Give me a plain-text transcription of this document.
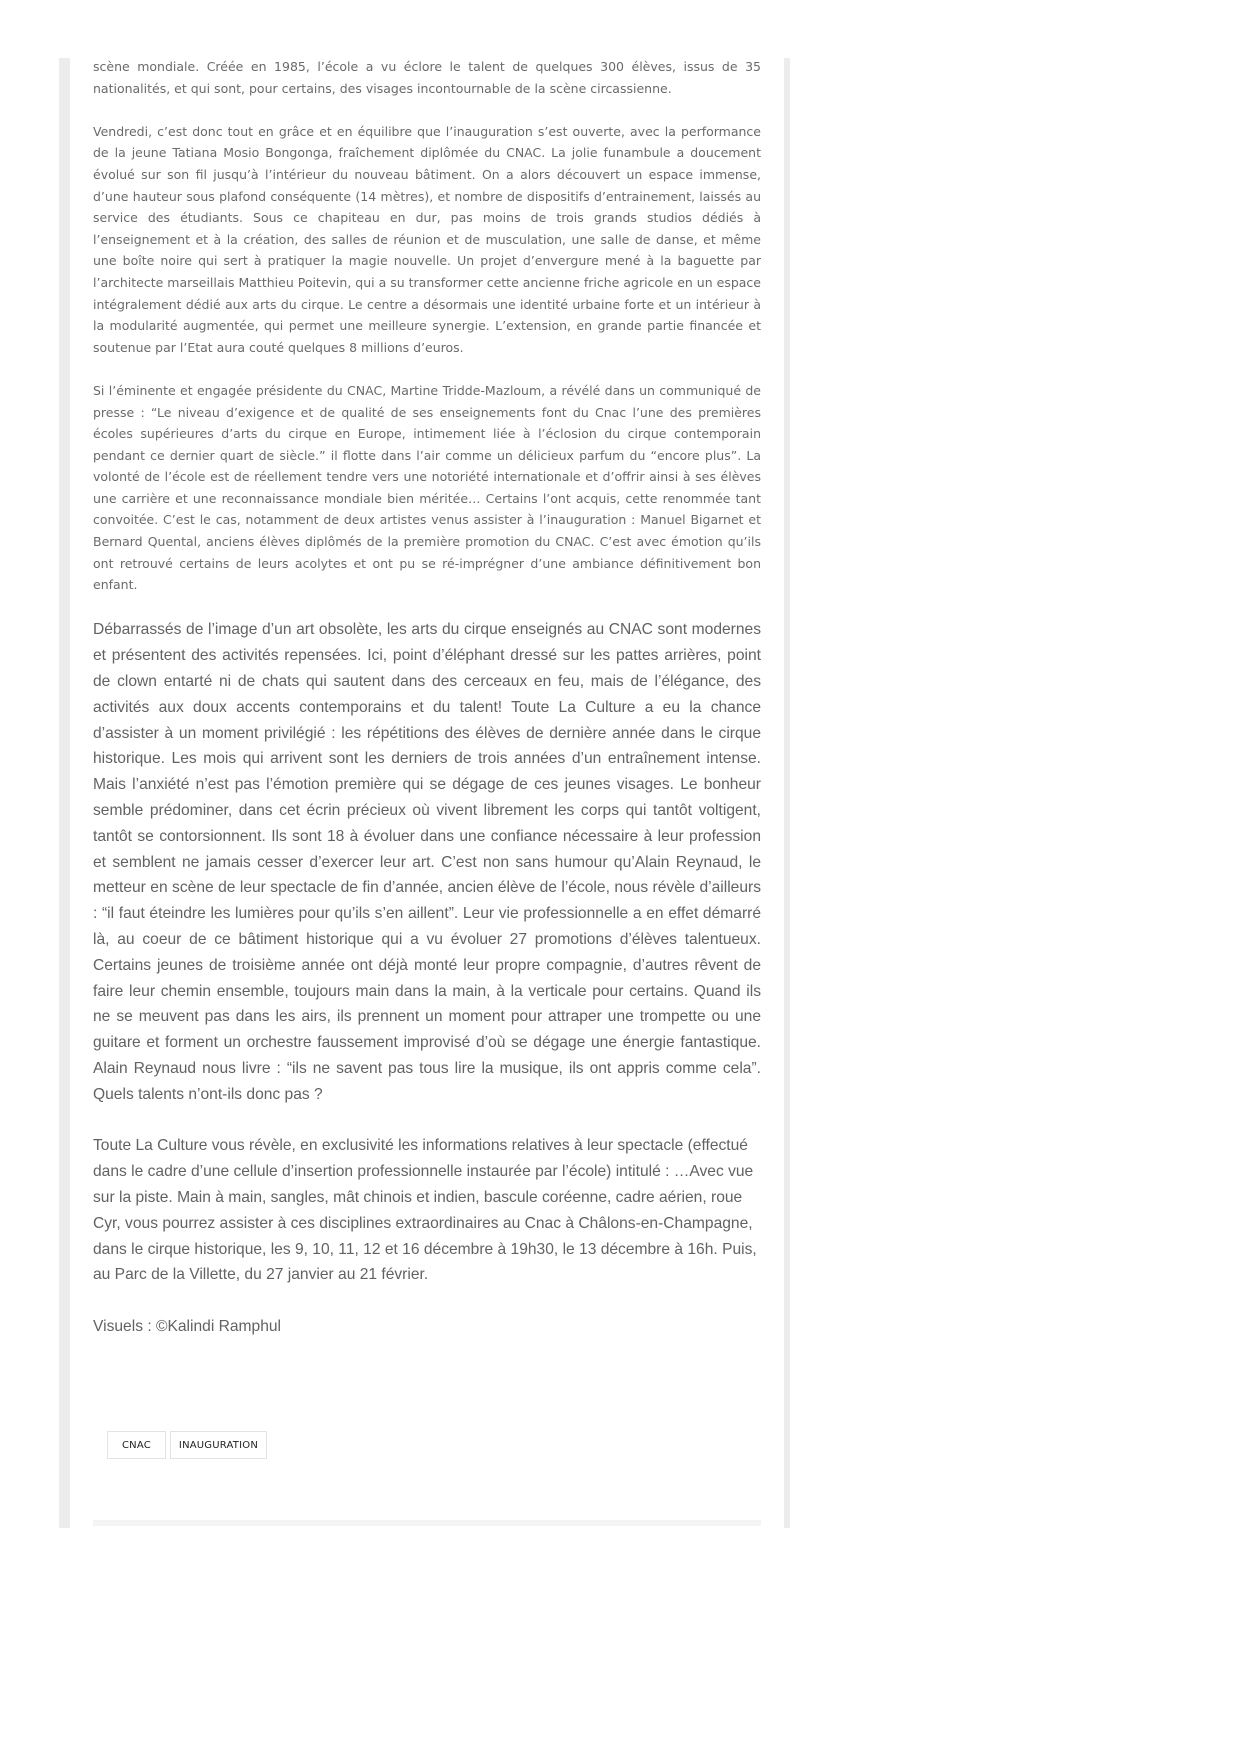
scène mondiale. Créée en 1985, l’école a vu éclore le talent de quelques 300 élèves, issus de 35 nationalités, et qui sont, pour certains, des visages incontournable de la scène circassienne.

Vendredi, c’est donc tout en grâce et en équilibre que l’inauguration s’est ouverte, avec la performance de la jeune Tatiana Mosio Bongonga, fraîchement diplômée du CNAC. La jolie funambule a doucement évolué sur son fil jusqu’à l’intérieur du nouveau bâtiment. On a alors découvert un espace immense, d’une hauteur sous plafond conséquente (14 mètres), et nombre de dispositifs d’entrainement, laissés au service des étudiants. Sous ce chapiteau en dur, pas moins de trois grands studios dédiés à l’enseignement et à la création, des salles de réunion et de musculation, une salle de danse, et même une boîte noire qui sert à pratiquer la magie nouvelle. Un projet d’envergure mené à la baguette par l’architecte marseillais Matthieu Poitevin, qui a su transformer cette ancienne friche agricole en un espace intégralement dédié aux arts du cirque. Le centre a désormais une identité urbaine forte et un intérieur à la modularité augmentée, qui permet une meilleure synergie. L’extension, en grande partie financée et soutenue par l’Etat aura couté quelques 8 millions d’euros.

Si l’éminente et engagée présidente du CNAC, Martine Tridde-Mazloum, a révélé dans un communiqué de presse : “Le niveau d’exigence et de qualité de ses enseignements font du Cnac l’une des premières écoles supérieures d’arts du cirque en Europe, intimement liée à l’éclosion du cirque contemporain pendant ce dernier quart de siècle.” il flotte dans l’air comme un délicieux parfum du “encore plus”. La volonté de l’école est de réellement tendre vers une notoriété internationale et d’offrir ainsi à ses élèves une carrière et une reconnaissance mondiale bien méritée… Certains l’ont acquis, cette renommée tant convoitée. C’est le cas, notamment de deux artistes venus assister à l’inauguration : Manuel Bigarnet et Bernard Quental, anciens élèves diplômés de la première promotion du CNAC. C’est avec émotion qu’ils ont retrouvé certains de leurs acolytes et ont pu se ré-imprégner d’une ambiance définitivement bon enfant.

Débarrassés de l’image d’un art obsolète, les arts du cirque enseignés au CNAC sont modernes et présentent des activités repensées. Ici, point d’éléphant dressé sur les pattes arrières, point de clown entarté ni de chats qui sautent dans des cerceaux en feu, mais de l’élégance, des activités aux doux accents contemporains et du talent! Toute La Culture a eu la chance d’assister à un moment privilégié : les répétitions des élèves de dernière année dans le cirque historique. Les mois qui arrivent sont les derniers de trois années d’un entraînement intense. Mais l’anxiété n’est pas l’émotion première qui se dégage de ces jeunes visages. Le bonheur semble prédominer, dans cet écrin précieux où vivent librement les corps qui tantôt voltigent, tantôt se contorsionnent. Ils sont 18 à évoluer dans une confiance nécessaire à leur profession et semblent ne jamais cesser d’exercer leur art. C’est non sans humour qu’Alain Reynaud, le metteur en scène de leur spectacle de fin d’année, ancien élève de l’école, nous révèle d’ailleurs : “il faut éteindre les lumières pour qu’ils s’en aillent”. Leur vie professionnelle a en effet démarré là, au coeur de ce bâtiment historique qui a vu évoluer 27 promotions d’élèves talentueux. Certains jeunes de troisième année ont déjà monté leur propre compagnie, d’autres rêvent de faire leur chemin ensemble, toujours main dans la main, à la verticale pour certains. Quand ils ne se meuvent pas dans les airs, ils prennent un moment pour attraper une trompette ou une guitare et forment un orchestre faussement improvisé d’où se dégage une énergie fantastique. Alain Reynaud nous livre : “ils ne savent pas tous lire la musique, ils ont appris comme cela”. Quels talents n’ont-ils donc pas ?

Toute La Culture vous révèle, en exclusivité les informations relatives à leur spectacle (effectué dans le cadre d’une cellule d’insertion professionnelle instaurée par l’école) intitulé : …Avec vue sur la piste. Main à main, sangles, mât chinois et indien, bascule coréenne, cadre aérien, roue Cyr, vous pourrez assister à ces disciplines extraordinaires au Cnac à Châlons-en-Champagne, dans le cirque historique, les 9, 10, 11, 12 et 16 décembre à 19h30, le 13 décembre à 16h. Puis, au Parc de la Villette, du 27 janvier au 21 février.

Visuels : ©Kalindi Ramphul

CNAC	INAUGURATION
